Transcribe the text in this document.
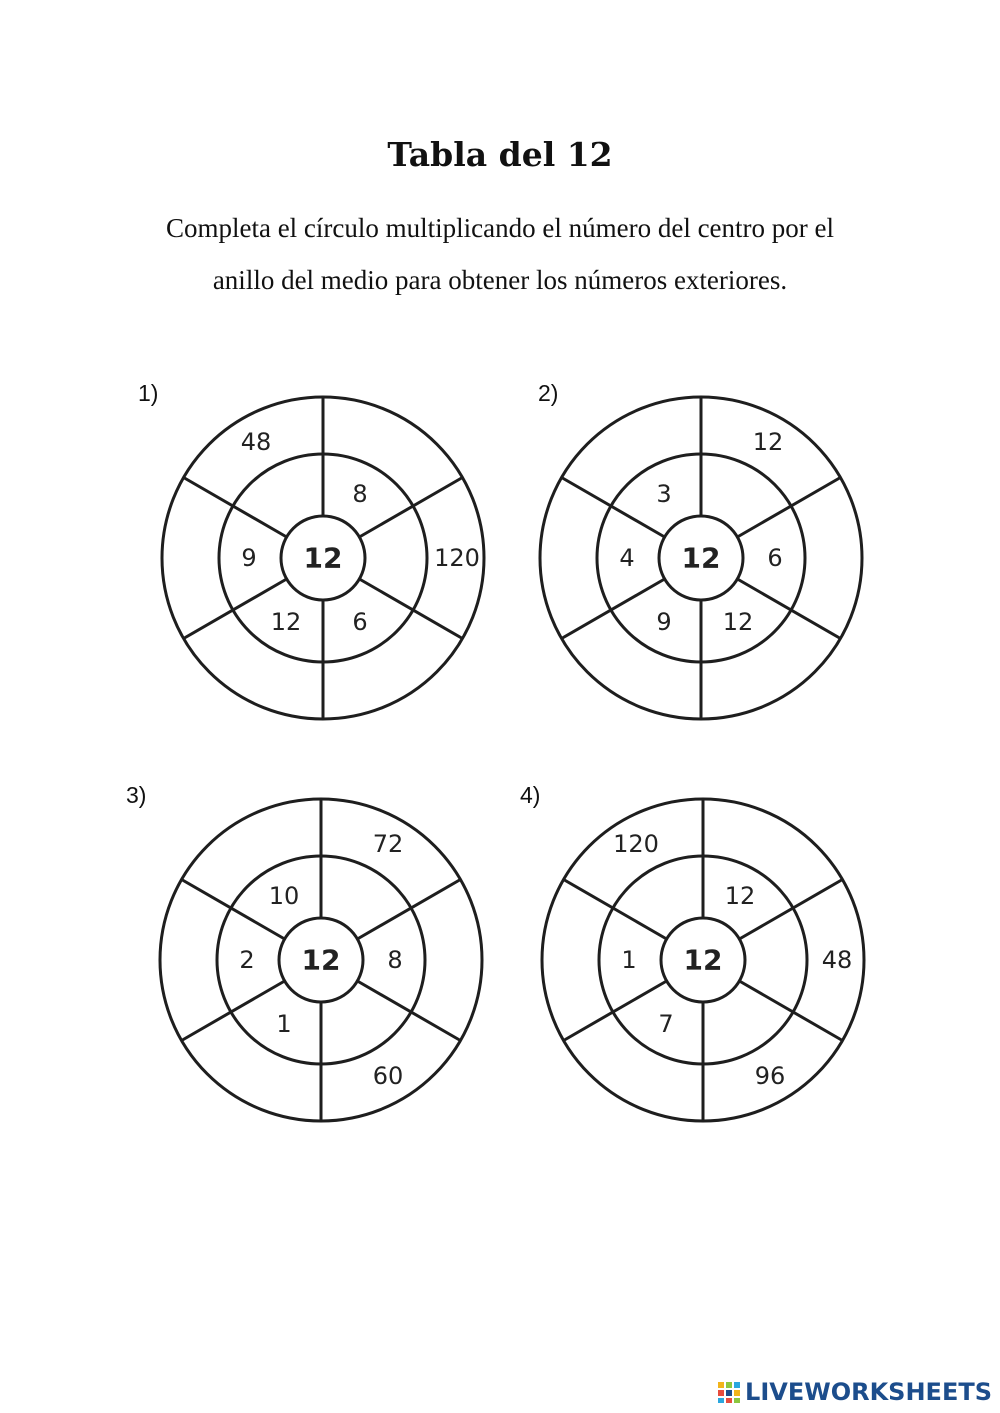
Tabla del 12
Completa el círculo multiplicando el número del centro por el
anillo del medio para obtener los números exteriores.
1)
12
8
120
6
12
9
48
2)
12
12
6
12
9
4
3
3)
12
72
8
60
1
2
10
4)
12
12
48
96
7
1
120
LIVEWORKSHEETS
